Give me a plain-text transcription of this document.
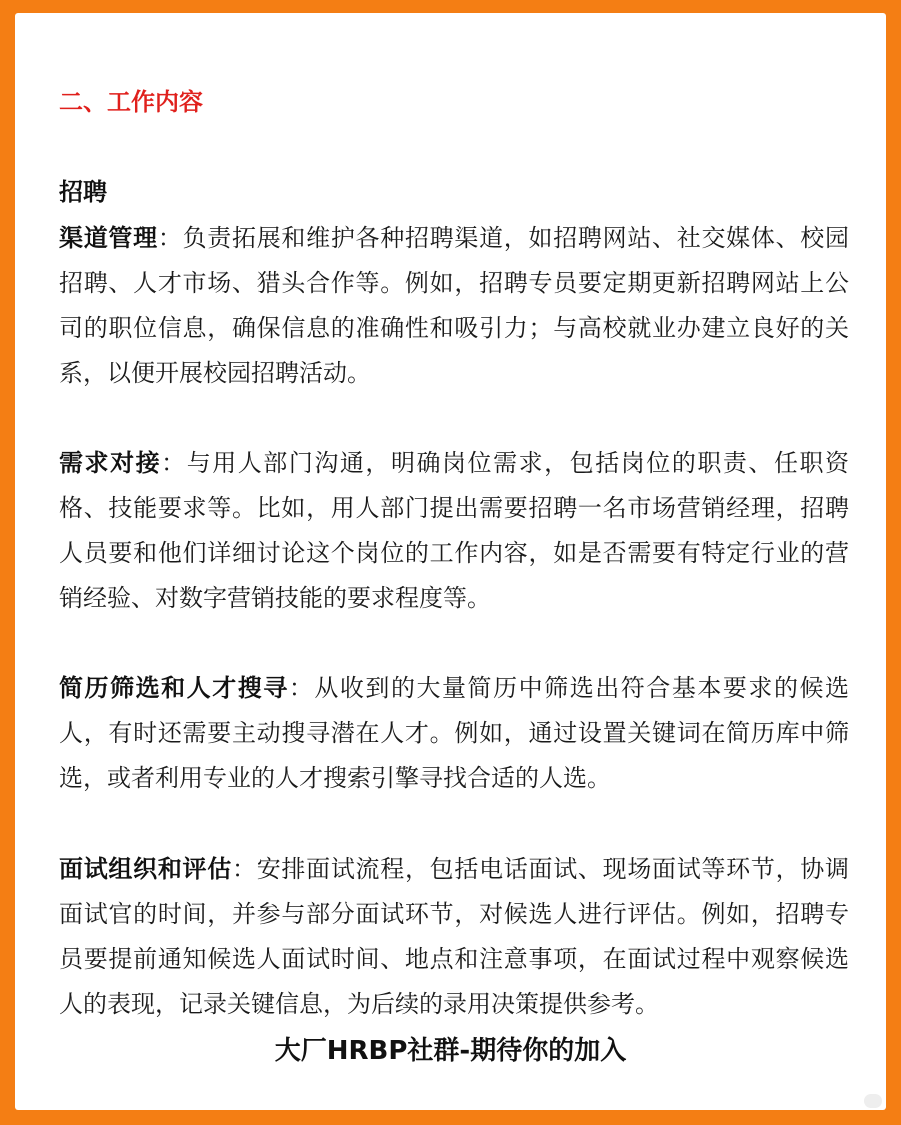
二、工作内容
招聘

渠道管理：负责拓展和维护各种招聘渠道，如招聘网站、社交媒体、校园招聘、人才市场、猎头合作等。例如，招聘专员要定期更新招聘网站上公司的职位信息，确保信息的准确性和吸引力；与高校就业办建立良好的关系，以便开展校园招聘活动。

需求对接：与用人部门沟通，明确岗位需求，包括岗位的职责、任职资格、技能要求等。比如，用人部门提出需要招聘一名市场营销经理，招聘人员要和他们详细讨论这个岗位的工作内容，如是否需要有特定行业的营销经验、对数字营销技能的要求程度等。

简历筛选和人才搜寻：从收到的大量简历中筛选出符合基本要求的候选人，有时还需要主动搜寻潜在人才。例如，通过设置关键词在简历库中筛选，或者利用专业的人才搜索引擎寻找合适的人选。

面试组织和评估：安排面试流程，包括电话面试、现场面试等环节，协调面试官的时间，并参与部分面试环节，对候选人进行评估。例如，招聘专员要提前通知候选人面试时间、地点和注意事项，在面试过程中观察候选人的表现，记录关键信息，为后续的录用决策提供参考。

大厂HRBP社群-期待你的加入
